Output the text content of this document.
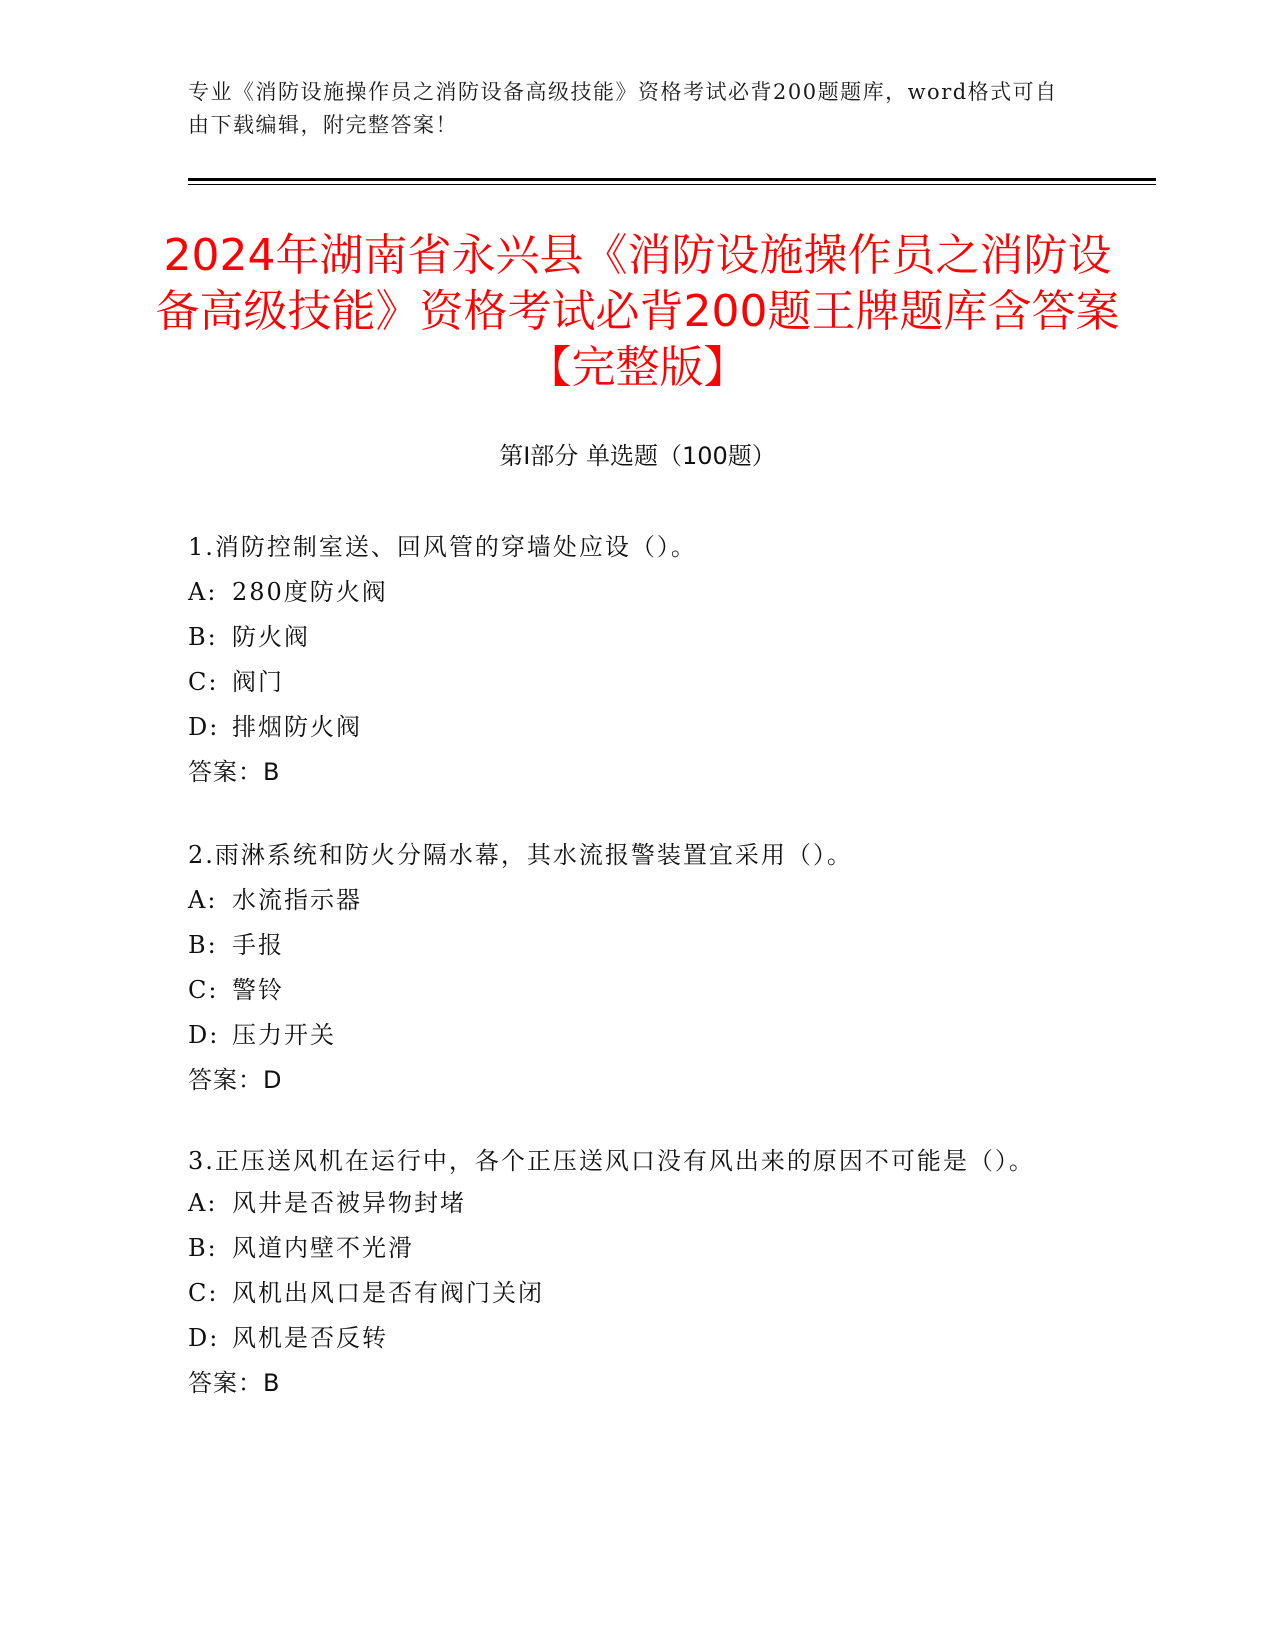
专业《消防设施操作员之消防设备高级技能》资格考试必背200题题库，word格式可自由下载编辑，附完整答案！
2024年湖南省永兴县《消防设施操作员之消防设备高级技能》资格考试必背200题王牌题库含答案【完整版】
第I部分 单选题（100题）
1.消防控制室送、回风管的穿墙处应设（）。
A: 280度防火阀
B: 防火阀
C: 阀门
D: 排烟防火阀
答案：B
2.雨淋系统和防火分隔水幕，其水流报警装置宜采用（）。
A: 水流指示器
B: 手报
C: 警铃
D: 压力开关
答案：D
3.正压送风机在运行中，各个正压送风口没有风出来的原因不可能是（）。
A: 风井是否被异物封堵
B: 风道内壁不光滑
C: 风机出风口是否有阀门关闭
D: 风机是否反转
答案：B
